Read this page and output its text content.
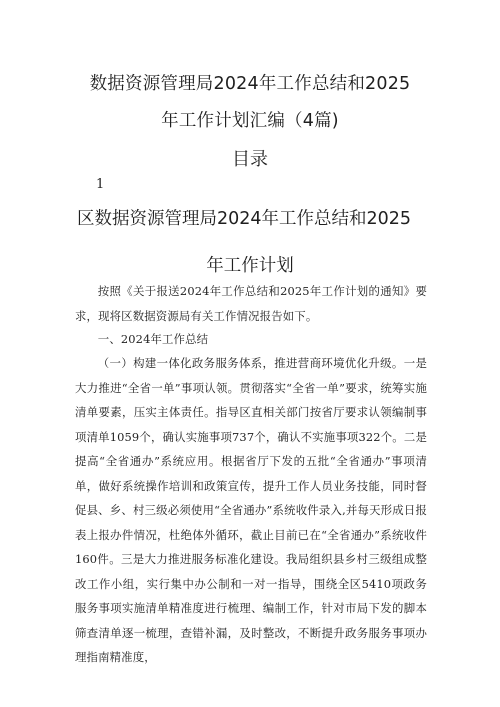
数据资源管理局2024年工作总结和2025
年工作计划汇编（4篇)
目录
1
区数据资源管理局2024年工作总结和2025
年工作计划

按照《关于报送2024年工作总结和2025年工作计划的通知》要求，现将区数据资源局有关工作情况报告如下。

一、2024年工作总结

（一）构建一体化政务服务体系，推进营商环境优化升级。一是大力推进“全省一单”事项认领。贯彻落实“全省一单”要求，统筹实施清单要素，压实主体责任。指导区直相关部门按省厅要求认领编制事项清单1059个，确认实施事项737个，确认不实施事项322个。二是提高“全省通办”系统应用。根据省厅下发的五批“全省通办”事项清单，做好系统操作培训和政策宣传，提升工作人员业务技能，同时督促县、乡、村三级必须使用“全省通办”系统收件录入,并每天形成日报表上报办件情况，杜绝体外循环，截止目前已在“全省通办”系统收件160件。三是大力推进服务标准化建设。我局组织县乡村三级组成整改工作小组，实行集中办公制和一对一指导，围绕全区5410项政务服务事项实施清单精准度进行梳理、编制工作，针对市局下发的脚本筛查清单逐一梳理，查错补漏，及时整改，不断提升政务服务事项办理指南精准度，
